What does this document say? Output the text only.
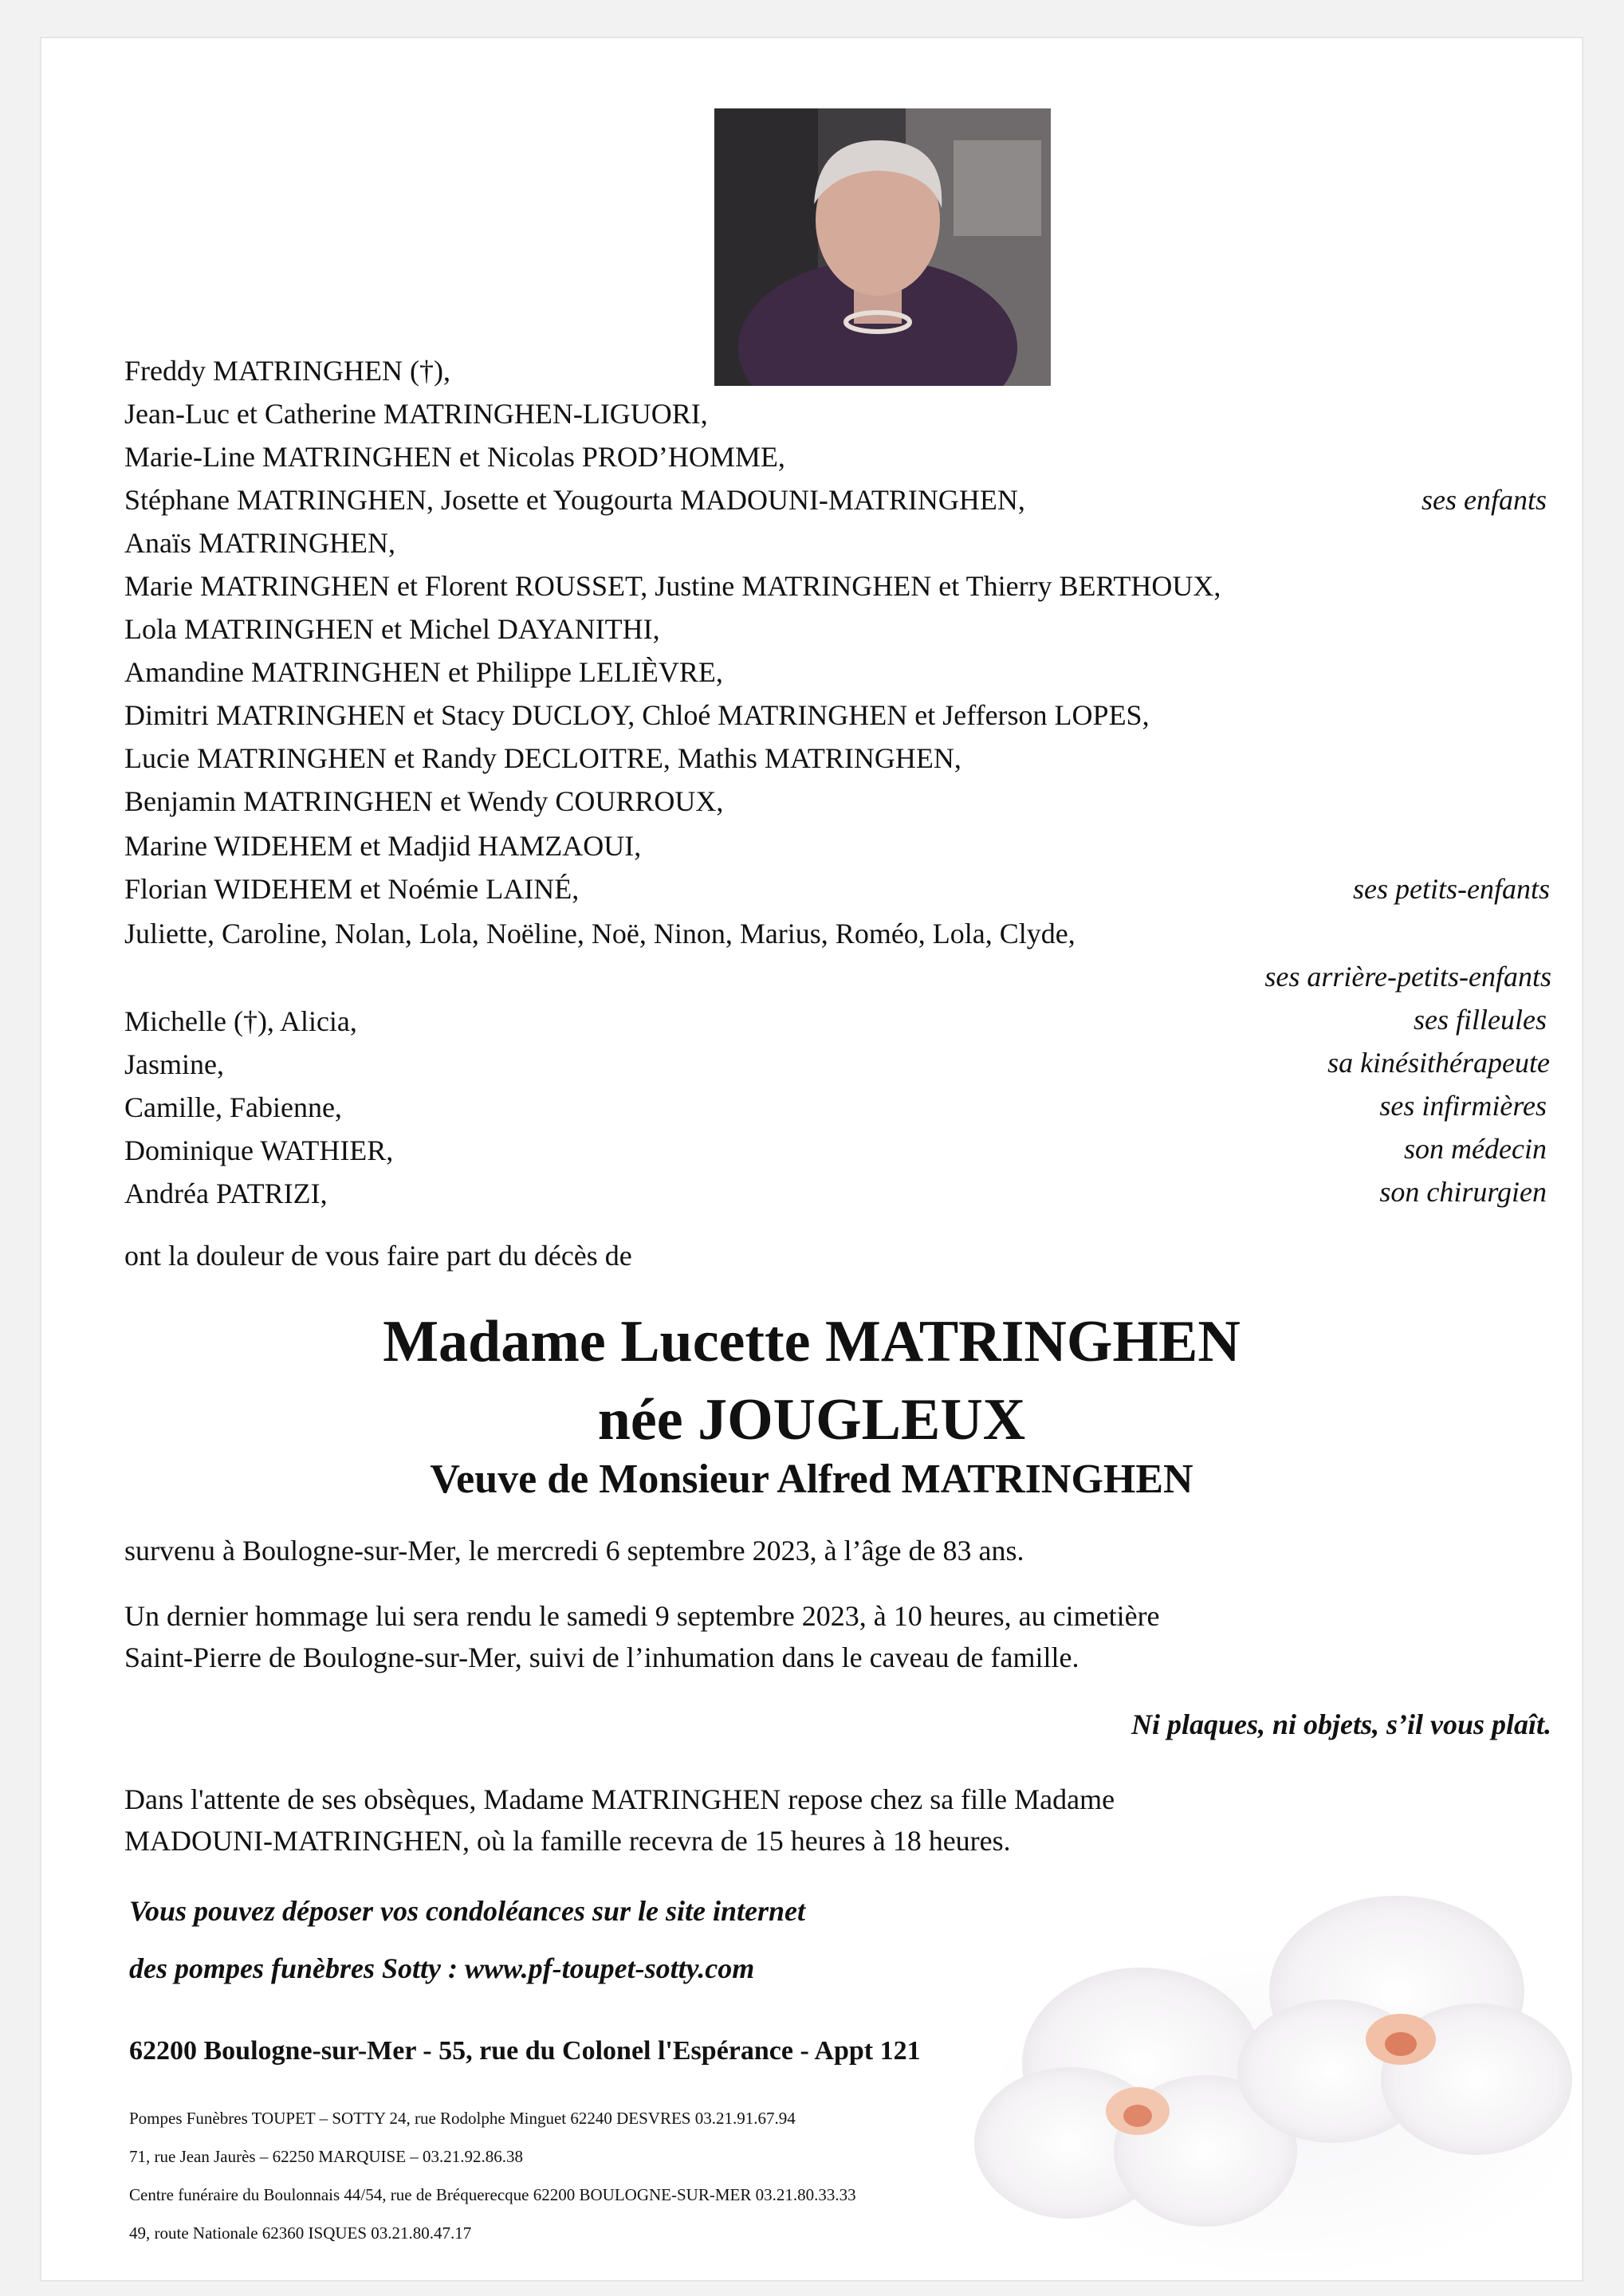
Freddy MATRINGHEN (†),
Jean-Luc et Catherine MATRINGHEN-LIGUORI,
Marie-Line MATRINGHEN et Nicolas PROD’HOMME,
Stéphane MATRINGHEN, Josette et Yougourta MADOUNI-MATRINGHEN,	ses enfants
Anaïs MATRINGHEN,
Marie MATRINGHEN et Florent ROUSSET, Justine MATRINGHEN et Thierry BERTHOUX,
Lola MATRINGHEN et Michel DAYANITHI,
Amandine MATRINGHEN et Philippe LELIÈVRE,
Dimitri MATRINGHEN et Stacy DUCLOY, Chloé MATRINGHEN et Jefferson LOPES,
Lucie MATRINGHEN et Randy DECLOITRE, Mathis MATRINGHEN,
Benjamin MATRINGHEN et Wendy COURROUX,
Marine WIDEHEM et Madjid HAMZAOUI,
Florian WIDEHEM et Noémie LAINÉ,	ses petits-enfants
Juliette, Caroline, Nolan, Lola, Noëline, Noë, Ninon, Marius, Roméo, Lola, Clyde,
ses arrière-petits-enfants
Michelle (†), Alicia,	ses filleules
Jasmine,	sa kinésithérapeute
Camille, Fabienne,	ses infirmières
Dominique WATHIER,	son médecin
Andréa PATRIZI,	son chirurgien
ont la douleur de vous faire part du décès de
Madame Lucette MATRINGHEN
née JOUGLEUX
Veuve de Monsieur Alfred MATRINGHEN
survenu à Boulogne-sur-Mer, le mercredi 6 septembre 2023, à l’âge de 83 ans.
Un dernier hommage lui sera rendu le samedi 9 septembre 2023, à 10 heures, au cimetière
Saint-Pierre de Boulogne-sur-Mer, suivi de l’inhumation dans le caveau de famille.
Ni plaques, ni objets, s’il vous plaît.
Dans l'attente de ses obsèques, Madame MATRINGHEN repose chez sa fille Madame
MADOUNI-MATRINGHEN, où la famille recevra de 15 heures à 18 heures.
Vous pouvez déposer vos condoléances sur le site internet
des pompes funèbres Sotty : www.pf-toupet-sotty.com
62200 Boulogne-sur-Mer - 55, rue du Colonel l'Espérance - Appt 121
Pompes Funèbres TOUPET – SOTTY 24, rue Rodolphe Minguet 62240 DESVRES 03.21.91.67.94
71, rue Jean Jaurès – 62250 MARQUISE – 03.21.92.86.38
Centre funéraire du Boulonnais 44/54, rue de Bréquerecque 62200 BOULOGNE-SUR-MER 03.21.80.33.33
49, route Nationale 62360 ISQUES 03.21.80.47.17
